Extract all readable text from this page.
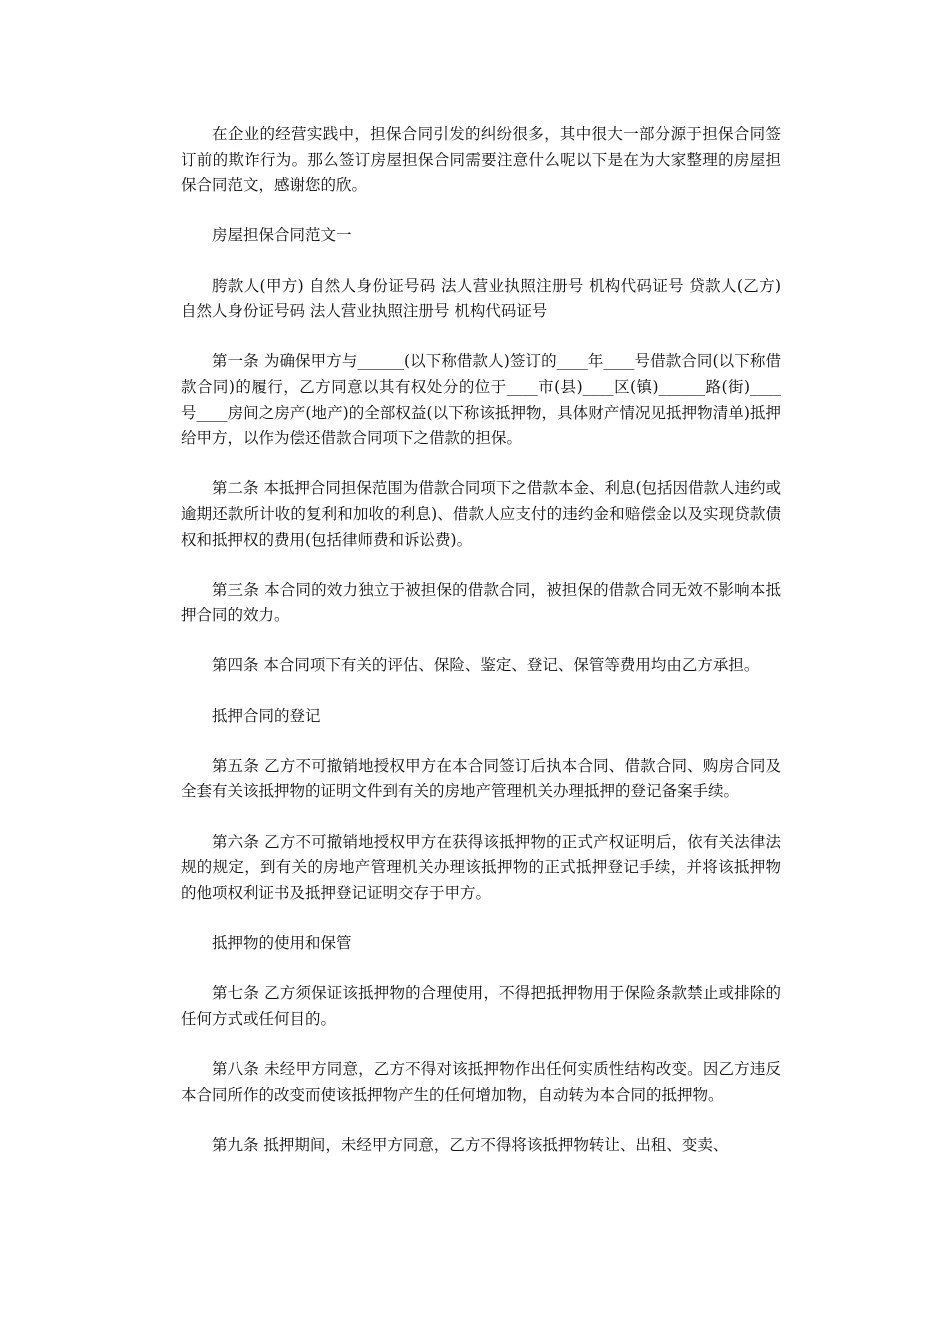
在企业的经营实践中，担保合同引发的纠纷很多，其中很大一部分源于担保合同签订前的欺诈行为。那么签订房屋担保合同需要注意什么呢以下是在为大家整理的房屋担保合同范文，感谢您的欣。

房屋担保合同范文一

胯款人(甲方) 自然人身份证号码 法人营业执照注册号 机构代码证号 贷款人(乙方) 自然人身份证号码 法人营业执照注册号 机构代码证号

第一条 为确保甲方与______(以下称借款人)签订的____年____号借款合同(以下称借款合同)的履行，乙方同意以其有权处分的位于____市(县)____区(镇)______路(街)____号____房间之房产(地产)的全部权益(以下称该抵押物，具体财产情况见抵押物清单)抵押给甲方，以作为偿还借款合同项下之借款的担保。

第二条 本抵押合同担保范围为借款合同项下之借款本金、利息(包括因借款人违约或逾期还款所计收的复利和加收的利息)、借款人应支付的违约金和赔偿金以及实现贷款债权和抵押权的费用(包括律师费和诉讼费)。

第三条 本合同的效力独立于被担保的借款合同，被担保的借款合同无效不影响本抵押合同的效力。

第四条 本合同项下有关的评估、保险、鉴定、登记、保管等费用均由乙方承担。

抵押合同的登记

第五条 乙方不可撤销地授权甲方在本合同签订后执本合同、借款合同、购房合同及全套有关该抵押物的证明文件到有关的房地产管理机关办理抵押的登记备案手续。

第六条 乙方不可撤销地授权甲方在获得该抵押物的正式产权证明后，依有关法律法规的规定，到有关的房地产管理机关办理该抵押物的正式抵押登记手续，并将该抵押物的他项权利证书及抵押登记证明交存于甲方。

抵押物的使用和保管

第七条 乙方须保证该抵押物的合理使用，不得把抵押物用于保险条款禁止或排除的任何方式或任何目的。

第八条 未经甲方同意，乙方不得对该抵押物作出任何实质性结构改变。因乙方违反本合同所作的改变而使该抵押物产生的任何增加物，自动转为本合同的抵押物。

第九条 抵押期间，未经甲方同意，乙方不得将该抵押物转让、出租、变卖、
